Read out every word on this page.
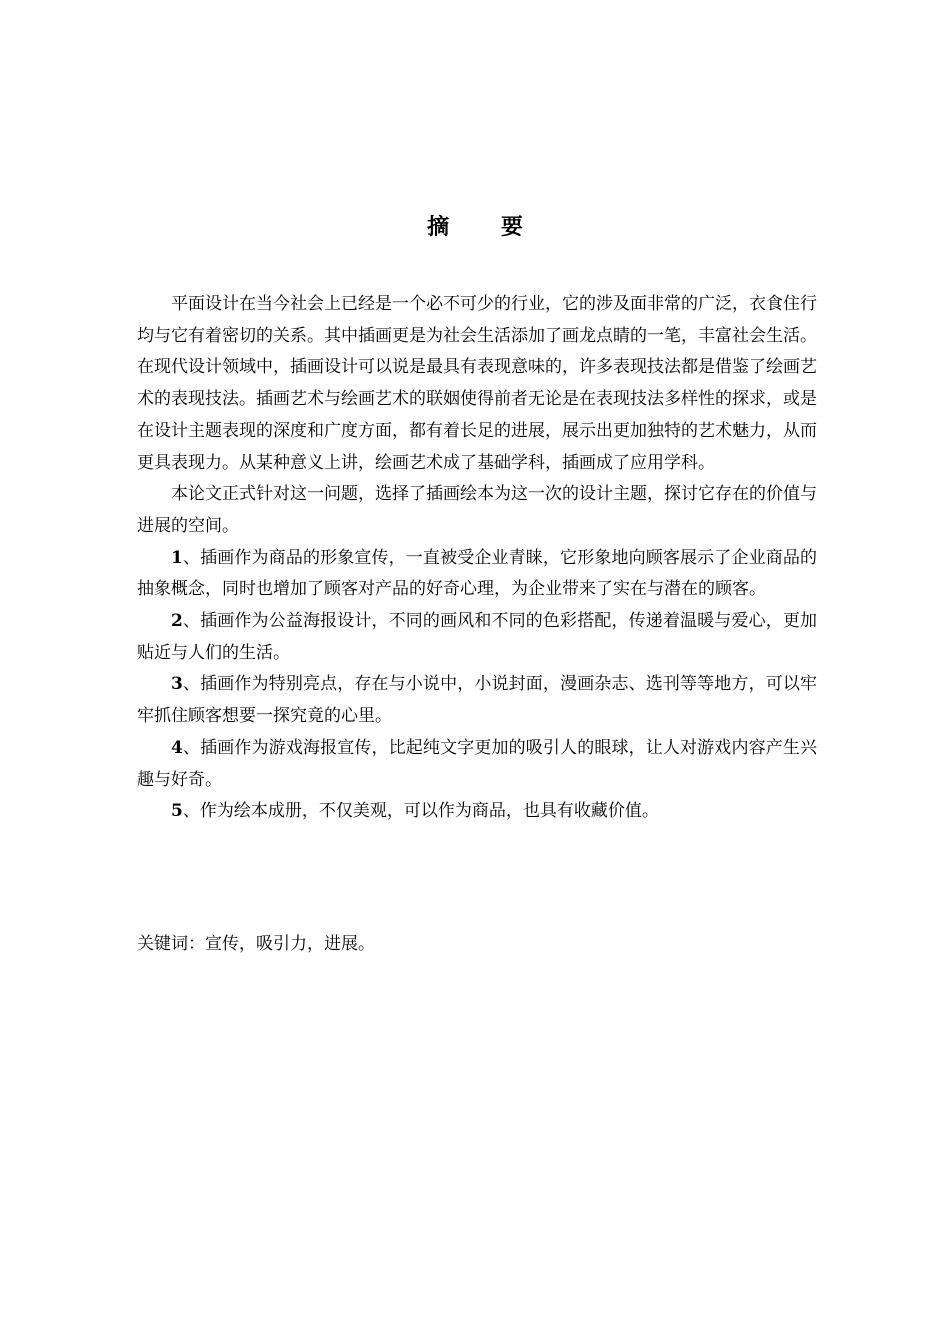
摘 要

平面设计在当今社会上已经是一个必不可少的行业，它的涉及面非常的广泛，衣食住行均与它有着密切的关系。其中插画更是为社会生活添加了画龙点睛的一笔，丰富社会生活。在现代设计领域中，插画设计可以说是最具有表现意味的，许多表现技法都是借鉴了绘画艺术的表现技法。插画艺术与绘画艺术的联姻使得前者无论是在表现技法多样性的探求，或是在设计主题表现的深度和广度方面，都有着长足的进展，展示出更加独特的艺术魅力，从而更具表现力。从某种意义上讲，绘画艺术成了基础学科，插画成了应用学科。

本论文正式针对这一问题，选择了插画绘本为这一次的设计主题，探讨它存在的价值与进展的空间。

1、插画作为商品的形象宣传，一直被受企业青睐，它形象地向顾客展示了企业商品的抽象概念，同时也增加了顾客对产品的好奇心理，为企业带来了实在与潜在的顾客。

2、插画作为公益海报设计，不同的画风和不同的色彩搭配，传递着温暖与爱心，更加贴近与人们的生活。

3、插画作为特别亮点，存在与小说中，小说封面，漫画杂志、选刊等等地方，可以牢牢抓住顾客想要一探究竟的心里。

4、插画作为游戏海报宣传，比起纯文字更加的吸引人的眼球，让人对游戏内容产生兴趣与好奇。

5、作为绘本成册，不仅美观，可以作为商品，也具有收藏价值。

关键词：宣传，吸引力，进展。
